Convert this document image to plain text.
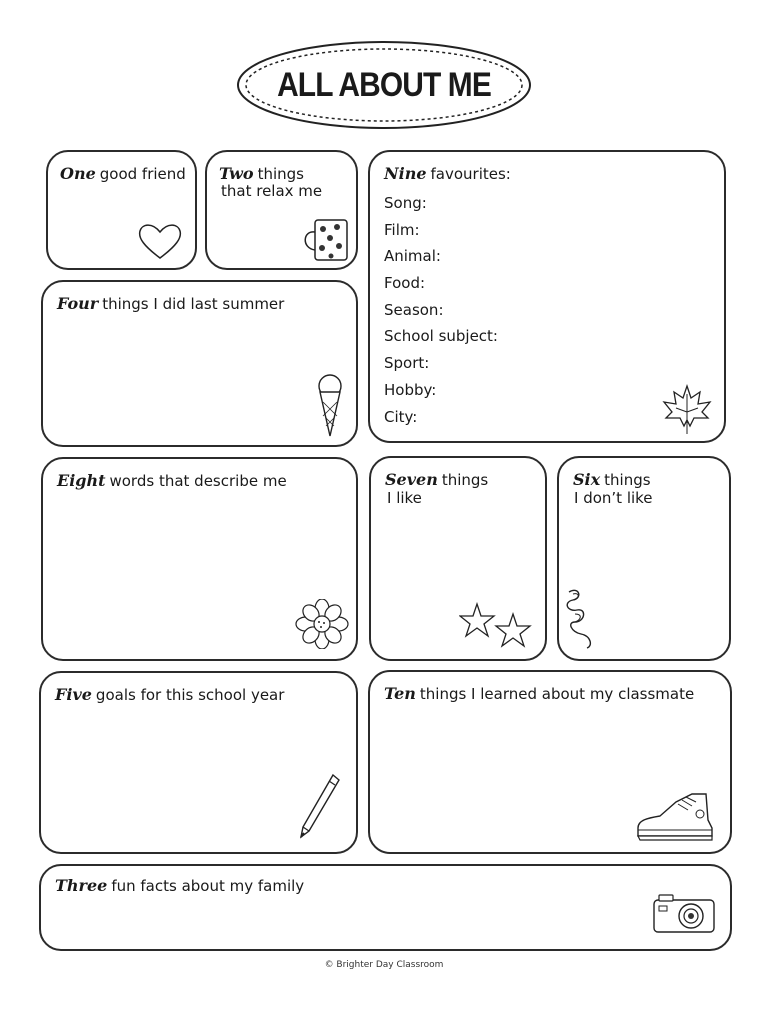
ALL ABOUT ME
One good friend Two things
that relax me
Nine favourites:
Song:
Film:
Animal:
Food:
Season:
School subject:
Sport:
Hobby:
City:
Four things I did last summer
Eight words that describe me	Seven things
I like
Six things
I don’t like
Five goals for this school year	Ten things I learned about my classmate
Three fun facts about my family
© Brighter Day Classroom
